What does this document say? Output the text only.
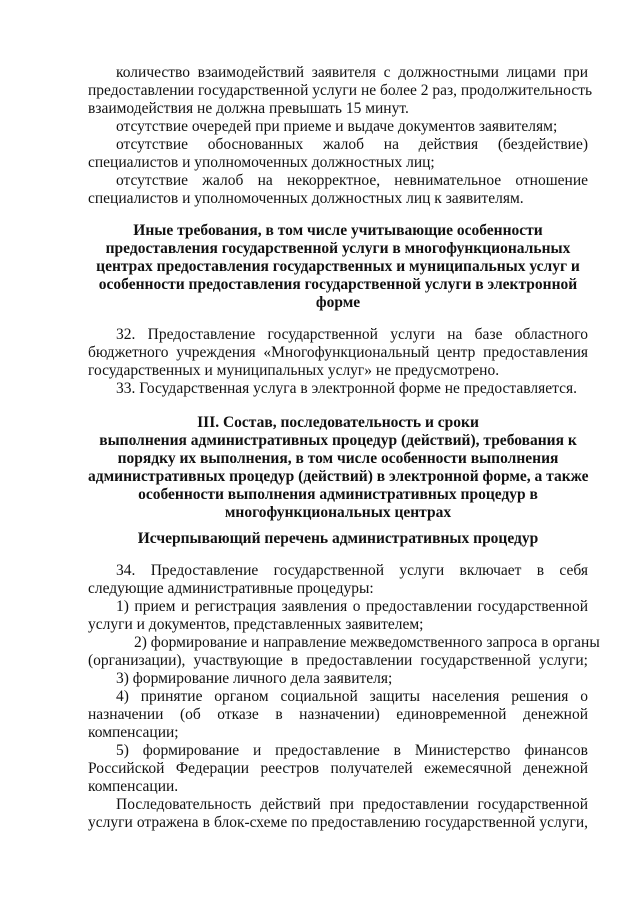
количество взаимодействий заявителя с должностными лицами при
предоставлении государственной услуги не более 2 раз, продолжительность
взаимодействия не должна превышать 15 минут.
отсутствие очередей при приеме и выдаче документов заявителям;
отсутствие обоснованных жалоб на действия (бездействие)
специалистов и уполномоченных должностных лиц;
отсутствие жалоб на некорректное, невнимательное отношение
специалистов и уполномоченных должностных лиц к заявителям.
Иные требования, в том числе учитывающие особенности
предоставления государственной услуги в многофункциональных
центрах предоставления государственных и муниципальных услуг и
особенности предоставления государственной услуги в электронной
форме
32. Предоставление государственной услуги на базе областного
бюджетного учреждения «Многофункциональный центр предоставления
государственных и муниципальных услуг» не предусмотрено.
33. Государственная услуга в электронной форме не предоставляется.
III. Состав, последовательность и сроки
выполнения административных процедур (действий), требования к
порядку их выполнения, в том числе особенности выполнения
административных процедур (действий) в электронной форме, а также
особенности выполнения административных процедур в
многофункциональных центрах
Исчерпывающий перечень административных процедур
34. Предоставление государственной услуги включает в себя
следующие административные процедуры:
1) прием и регистрация заявления о предоставлении государственной
услуги и документов, представленных заявителем;
2) формирование и направление межведомственного запроса в органы
(организации), участвующие в предоставлении государственной услуги;
3) формирование личного дела заявителя;
4) принятие органом социальной защиты населения решения о
назначении (об отказе в назначении) единовременной денежной
компенсации;
5) формирование и предоставление в Министерство финансов
Российской Федерации реестров получателей ежемесячной денежной
компенсации.
Последовательность действий при предоставлении государственной
услуги отражена в блок-схеме по предоставлению государственной услуги,
